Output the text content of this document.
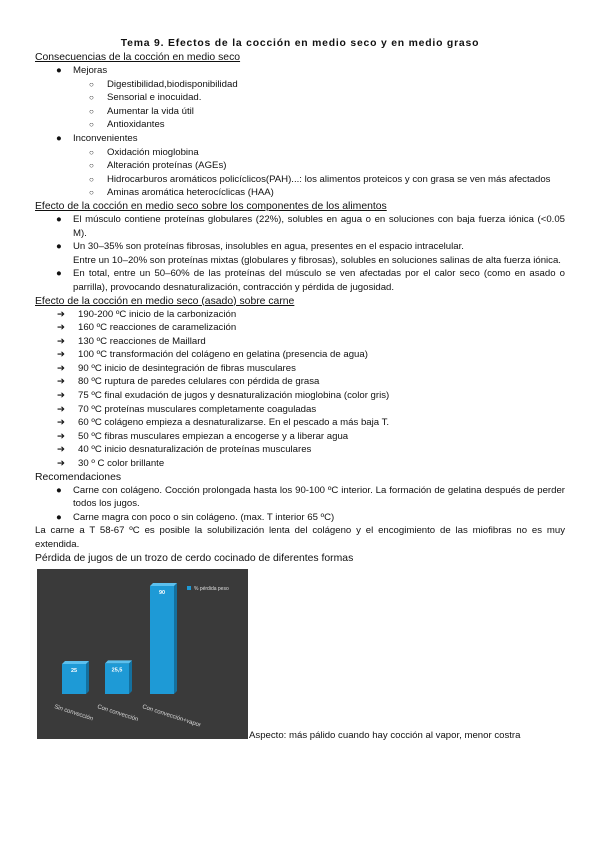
Tema 9. Efectos de la cocción en medio seco y en medio graso

Consecuencias de la cocción en medio seco

● Mejoras
○ Digestibilidad,biodisponibilidad
○ Sensorial e inocuidad.
○ Aumentar la vida útil
○ Antioxidantes
● Inconvenientes
○ Oxidación mioglobina
○ Alteración proteínas (AGEs)
○ Hidrocarburos aromáticos policíclicos(PAH)...: los alimentos proteicos y con grasa se ven más afectados
○ Aminas aromática heterocíclicas (HAA)

Efecto de la cocción en medio seco sobre los componentes de los alimentos

● El músculo contiene proteínas globulares (22%), solubles en agua o en soluciones con baja fuerza iónica (<0.05 M).
● Un 30–35% son proteínas fibrosas, insolubles en agua, presentes en el espacio intracelular.
Entre un 10–20% son proteínas mixtas (globulares y fibrosas), solubles en soluciones salinas de alta fuerza iónica.
● En total, entre un 50–60% de las proteínas del músculo se ven afectadas por el calor seco (como en asado o parrilla), provocando desnaturalización, contracción y pérdida de jugosidad.

Efecto de la cocción en medio seco (asado) sobre carne

➔ 190-200 ºC inicio de la carbonización
➔ 160 ºC reacciones de caramelización
➔ 130 ºC reacciones de Maillard
➔ 100 ºC transformación del colágeno en gelatina (presencia de agua)
➔ 90 ºC inicio de desintegración de fibras musculares
➔ 80 ºC ruptura de paredes celulares con pérdida de grasa
➔ 75 ºC final exudación de jugos y desnaturalización mioglobina (color gris)
➔ 70 ºC proteínas musculares completamente coaguladas
➔ 60 ºC colágeno empieza a desnaturalizarse. En el pescado a más baja T.
➔ 50 ºC fibras musculares empiezan a encogerse y a liberar agua
➔ 40 ºC inicio desnaturalización de proteínas musculares
➔ 30 º C color brillante

Recomendaciones

● Carne con colágeno. Cocción prolongada hasta los 90-100 ºC interior. La formación de gelatina después de perder todos los jugos.
● Carne magra con poco o sin colágeno. (max. T interior 65 ºC)

La carne a T 58-67 ºC es posible la solubilización lenta del colágeno y el encogimiento de las miofibras no es muy extendida.

Pérdida de jugos de un trozo de cerdo cocinado de diferentes formas

25
Sin convección
25,5
Con convección
90
Con convección+vapor
% pérdida peso
Aspecto: más pálido cuando hay cocción al vapor, menor costra
